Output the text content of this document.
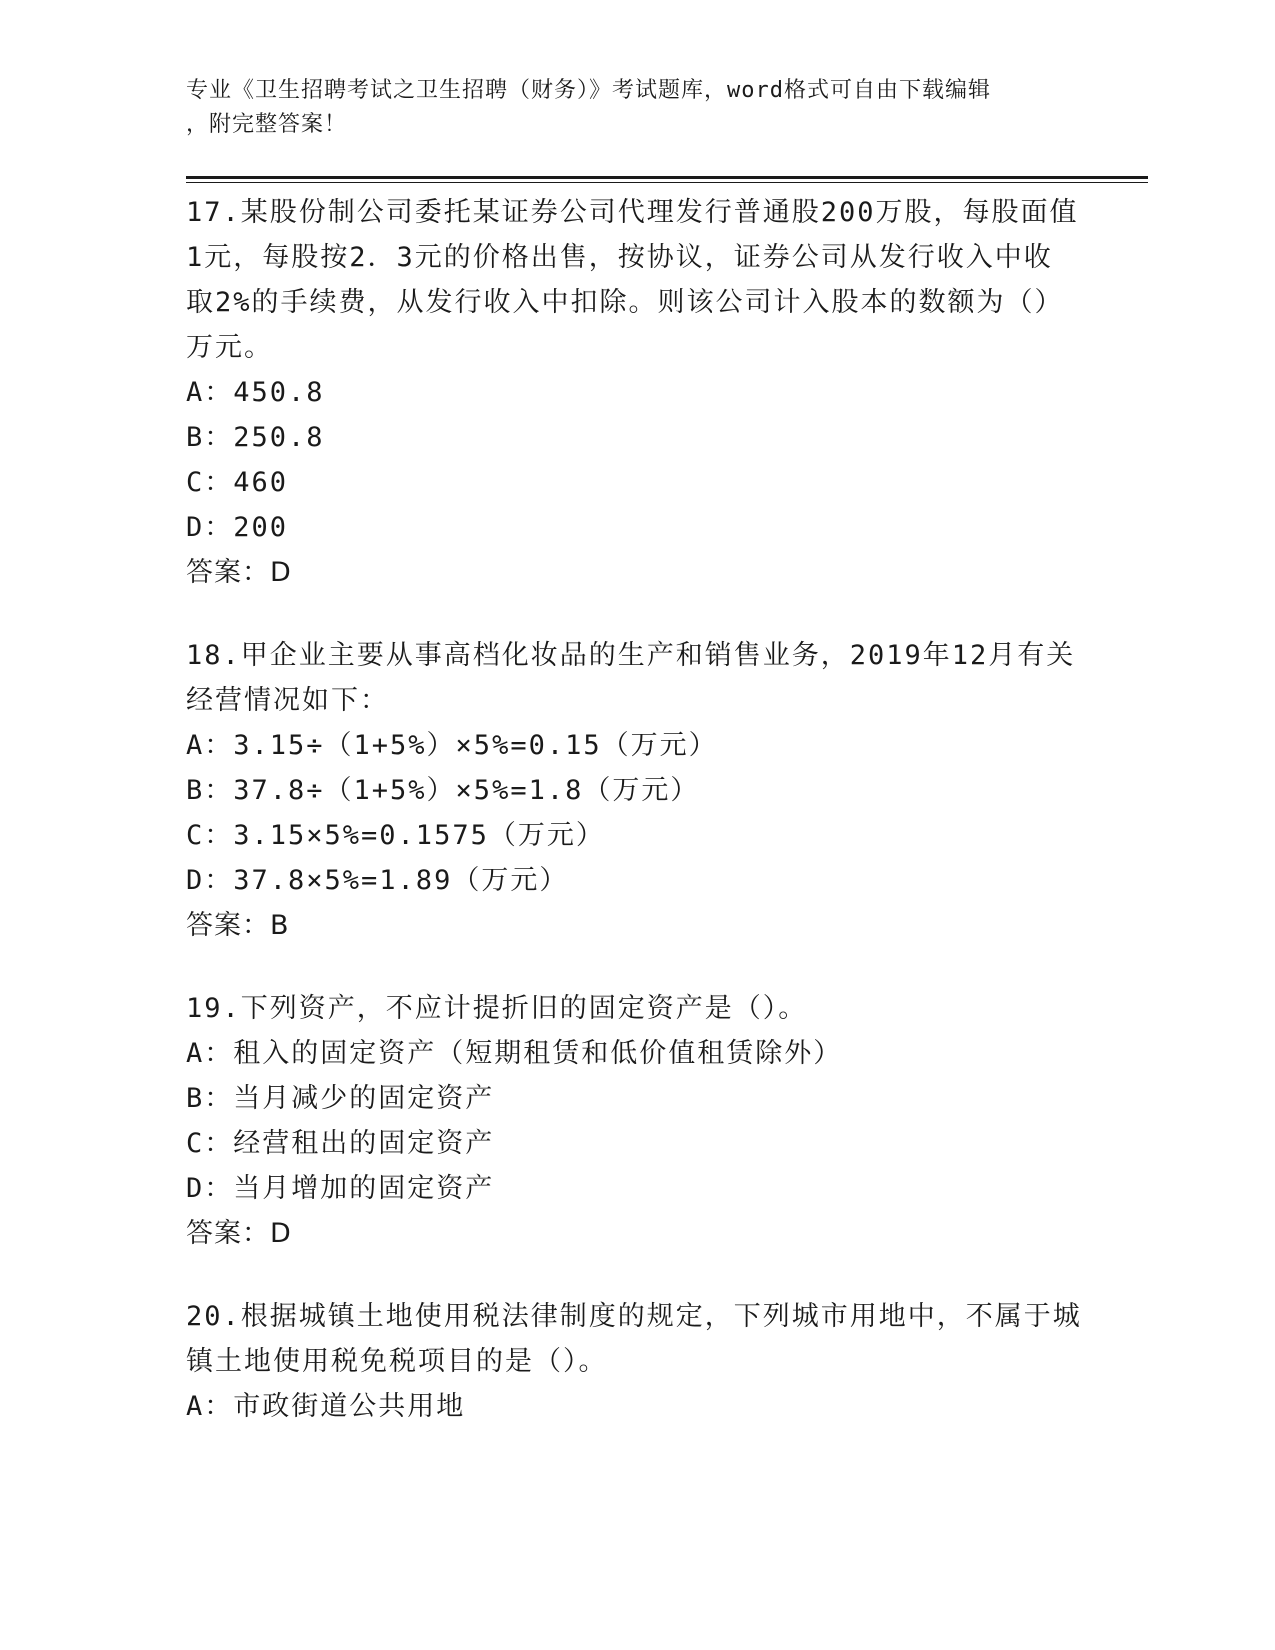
专业《卫生招聘考试之卫生招聘（财务）》考试题库，word格式可自由下载编辑
，附完整答案！
17.某股份制公司委托某证券公司代理发行普通股200万股，每股面值
1元，每股按2．3元的价格出售，按协议，证券公司从发行收入中收
取2%的手续费，从发行收入中扣除。则该公司计入股本的数额为（）
万元。
A：450.8
B：250.8
C：460
D：200
答案：D
18.甲企业主要从事高档化妆品的生产和销售业务，2019年12月有关
经营情况如下：
A：3.15÷（1+5%）×5%=0.15（万元）
B：37.8÷（1+5%）×5%=1.8（万元）
C：3.15×5%=0.1575（万元）
D：37.8×5%=1.89（万元）
答案：B
19.下列资产，不应计提折旧的固定资产是（）。
A：租入的固定资产（短期租赁和低价值租赁除外）
B：当月减少的固定资产
C：经营租出的固定资产
D：当月增加的固定资产
答案：D
20.根据城镇土地使用税法律制度的规定，下列城市用地中，不属于城
镇土地使用税免税项目的是（）。
A：市政街道公共用地
